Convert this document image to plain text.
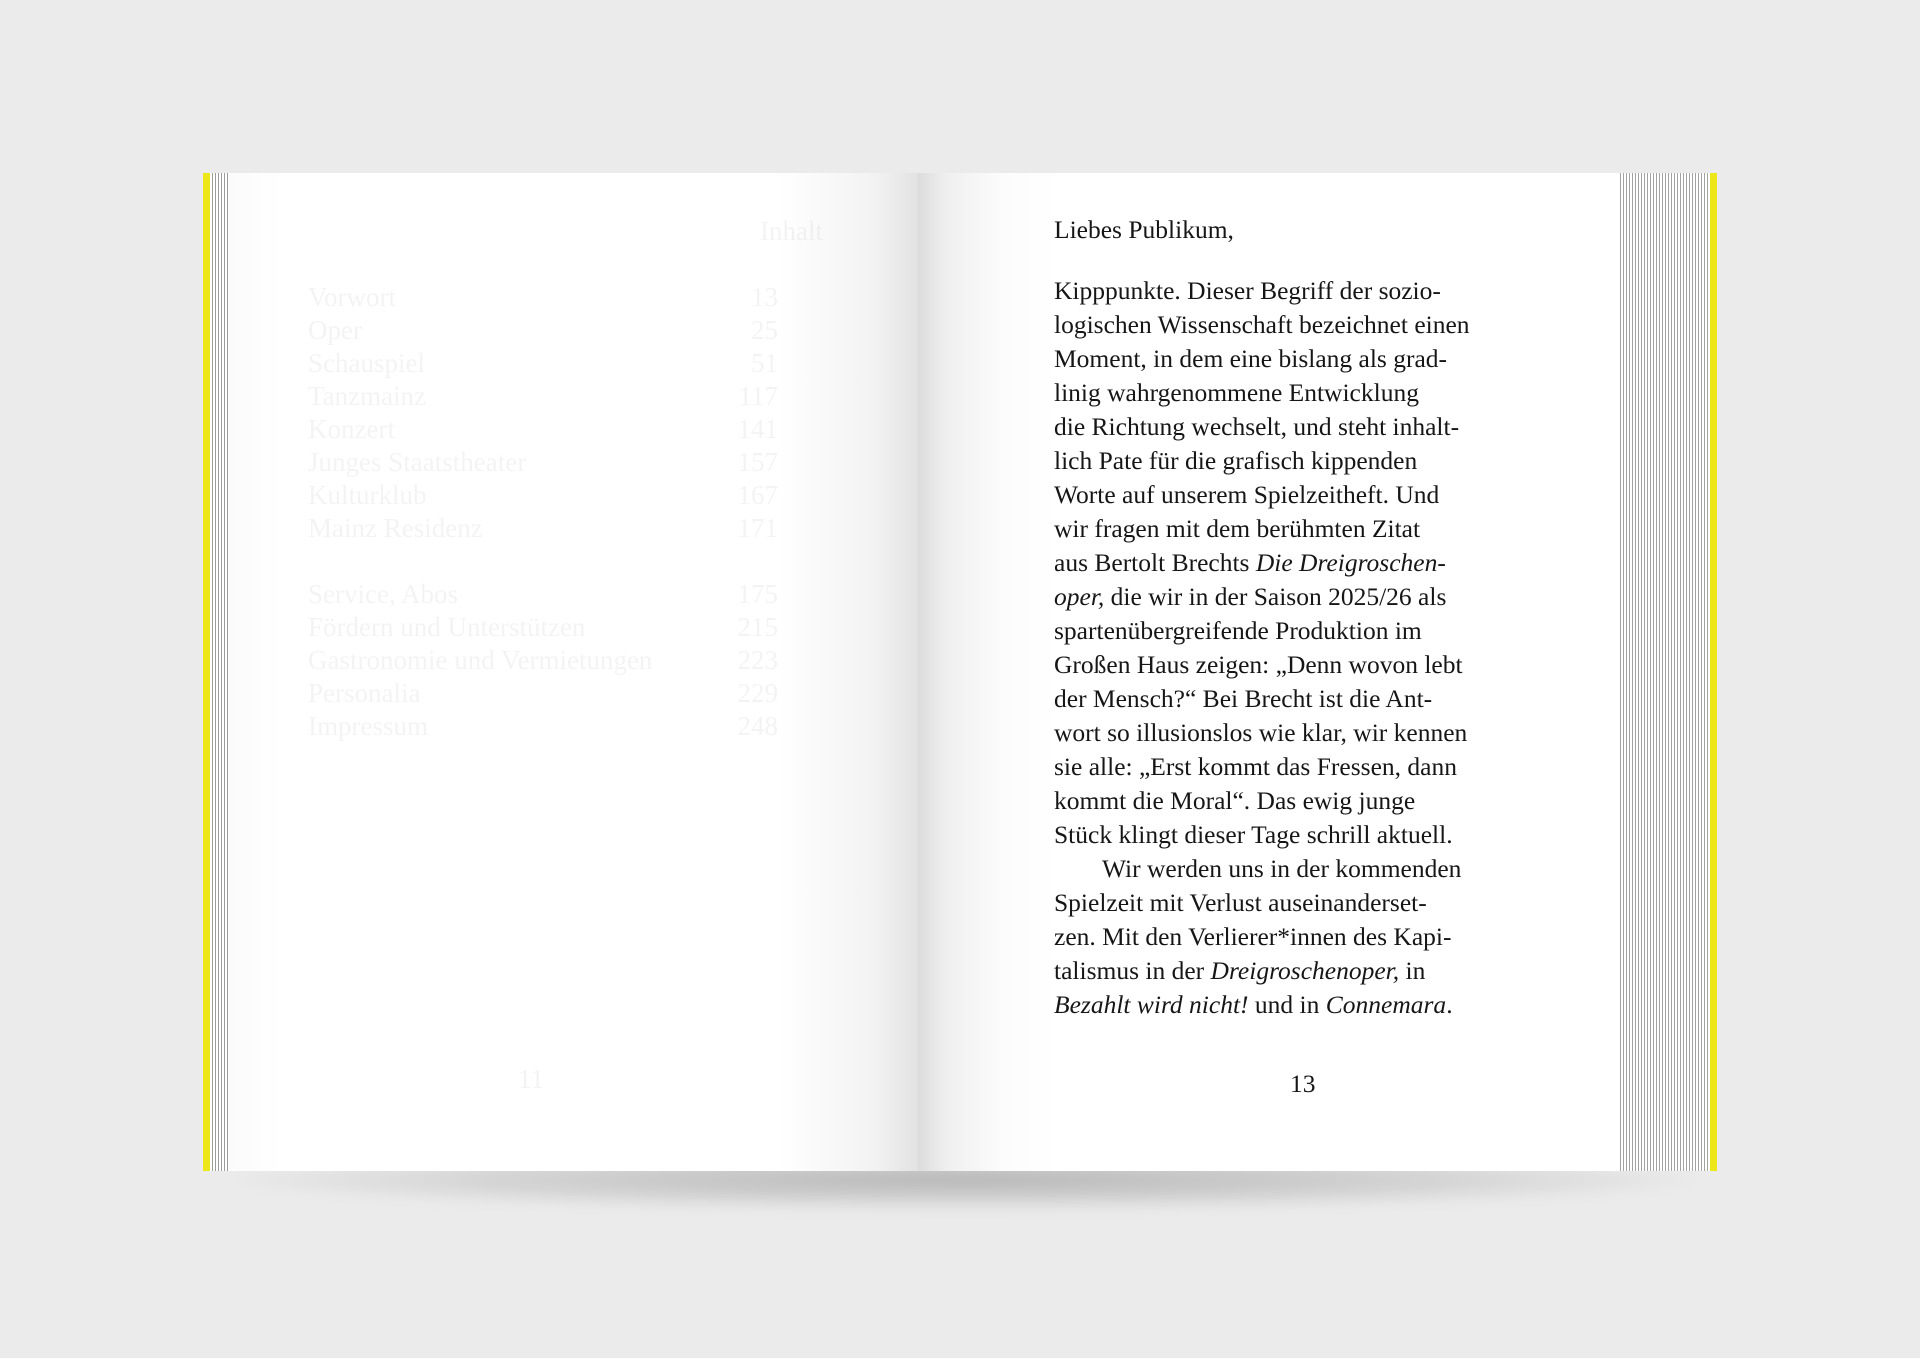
Liebes Publikum,
Kipppunkte. Dieser Begriff der sozio-
logischen Wissenschaft bezeichnet einen
Moment, in dem eine bislang als grad-
linig wahrgenommene Entwicklung
die Richtung wechselt, und steht inhalt-
lich Pate für die grafisch kippenden
Worte auf unserem Spielzeitheft. Und
wir fragen mit dem berühmten Zitat
aus Bertolt Brechts Die Dreigroschen-
oper, die wir in der Saison 2025/26 als
spartenübergreifende Produktion im
Großen Haus zeigen: „Denn wovon lebt
der Mensch?“ Bei Brecht ist die Ant-
wort so illusionslos wie klar, wir kennen
sie alle: „Erst kommt das Fressen, dann
kommt die Moral“. Das ewig junge
Stück klingt dieser Tage schrill aktuell.
Wir werden uns in der kommenden
Spielzeit mit Verlust auseinanderset-
zen. Mit den Verlierer*innen des Kapi-
talismus in der Dreigroschenoper, in
Bezahlt wird nicht! und in Connemara.
13
